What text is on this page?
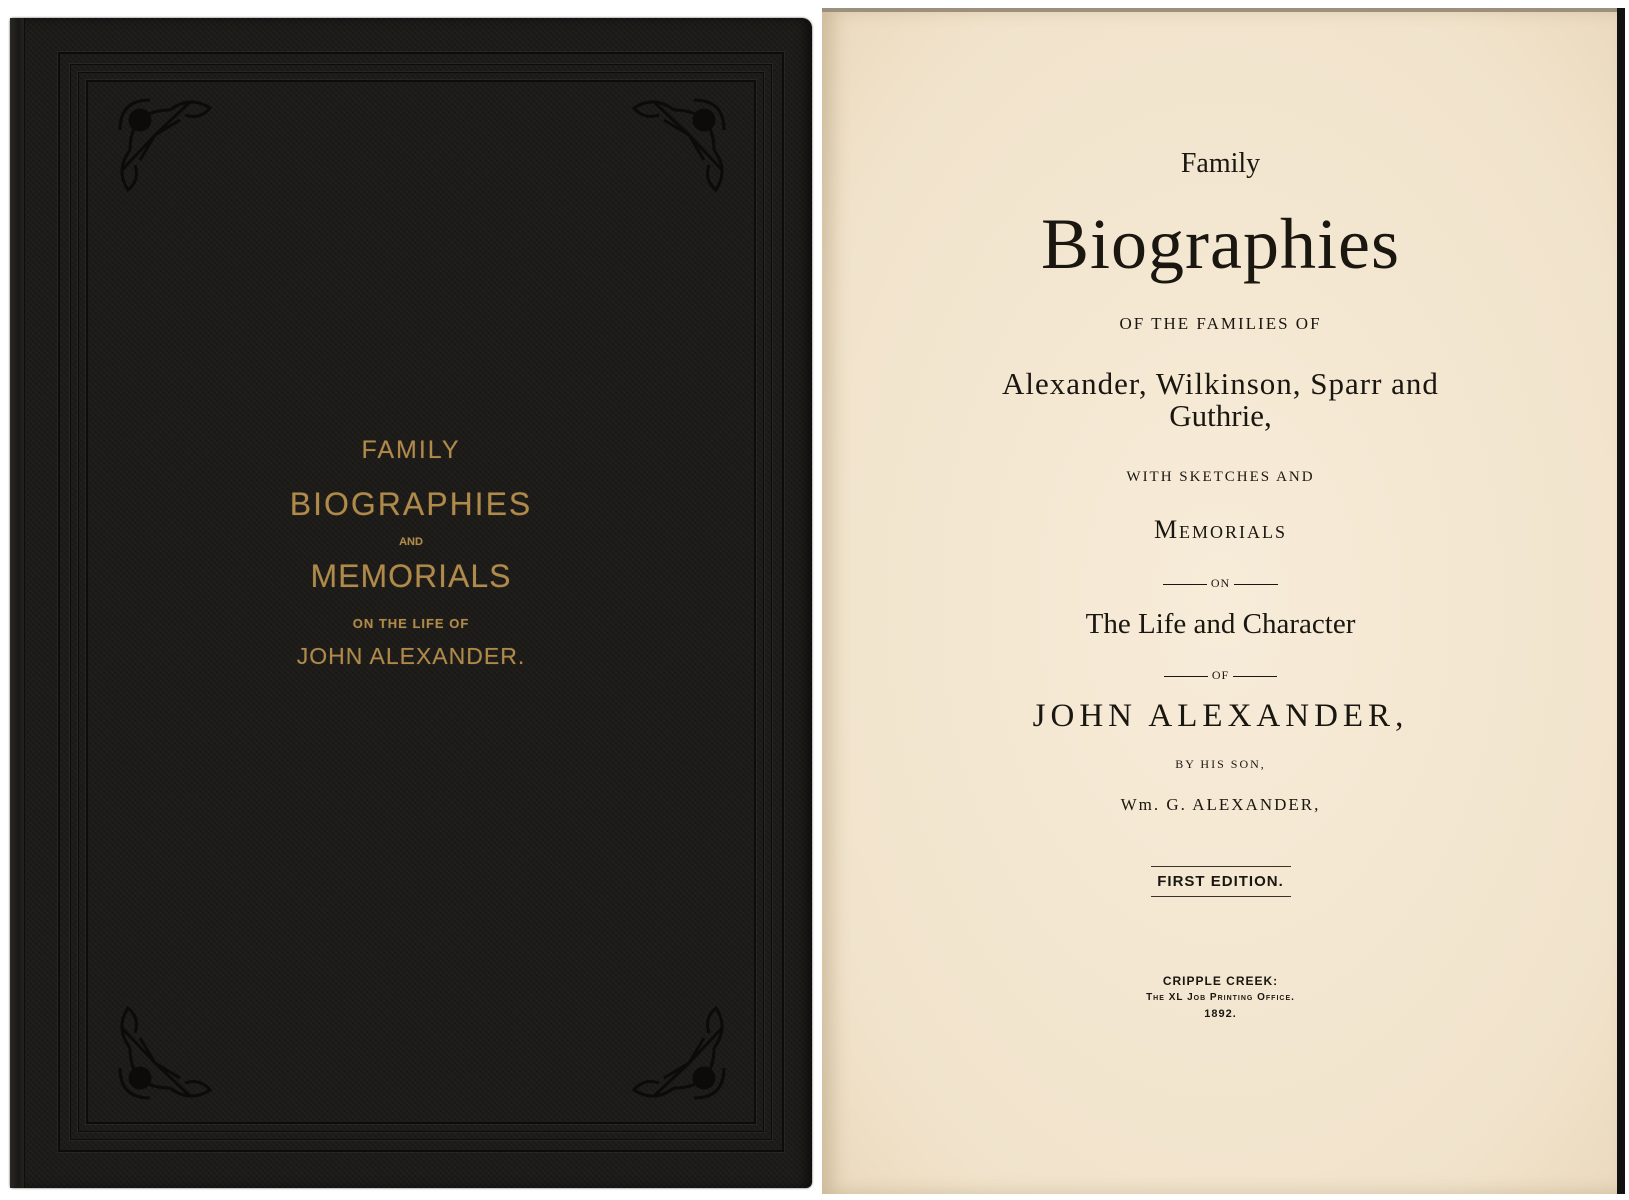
FAMILY
BIOGRAPHIES
AND
MEMORIALS
ON THE LIFE OF
JOHN ALEXANDER.
Family
Biographies
OF THE FAMILIES OF
Alexander, Wilkinson, Sparr and
Guthrie,
WITH SKETCHES AND
Memorials
ON
The Life and Character
OF
JOHN ALEXANDER,
BY HIS SON,
Wm. G. ALEXANDER,
FIRST EDITION.
CRIPPLE CREEK:
The XL Job Printing Office.
1892.
